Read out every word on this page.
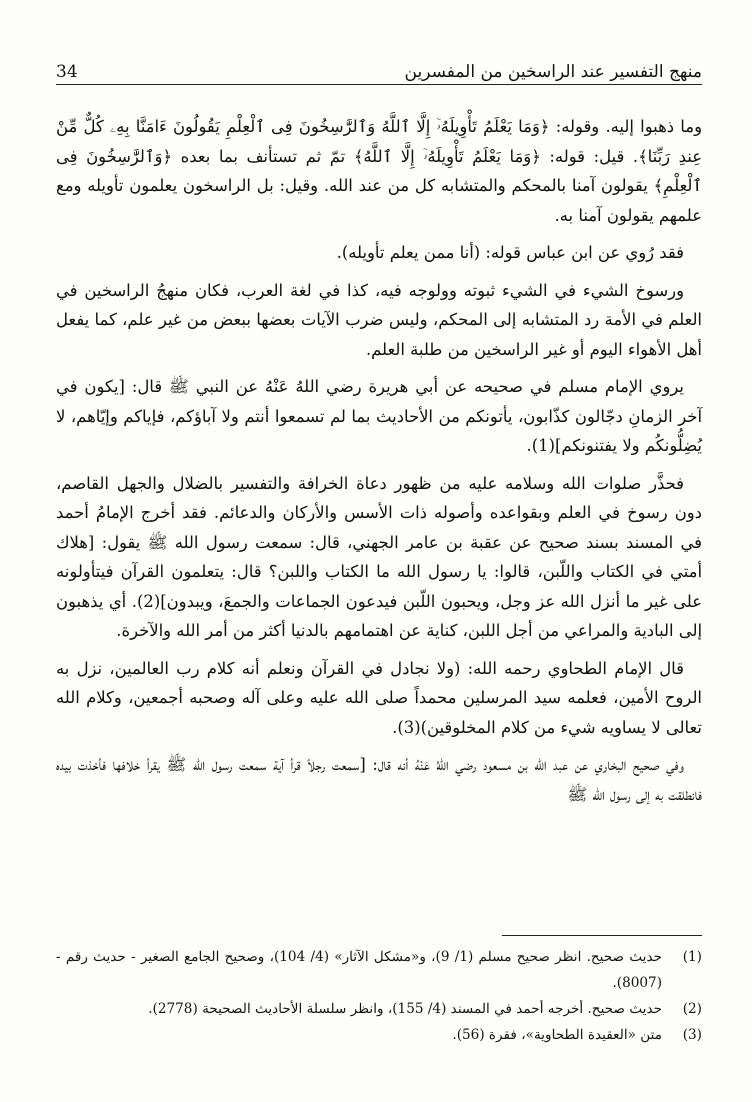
34	منهج التفسير عند الراسخين من المفسرين

وما ذهبوا إليه. وقوله: ﴿وَمَا يَعْلَمُ تَأْوِيلَهُۥٓ إِلَّا ٱللَّهُ وَٱلرَّٰسِخُونَ فِى ٱلْعِلْمِ يَقُولُونَ ءَامَنَّا بِهِۦ كُلٌّ مِّنْ عِندِ رَبِّنَا﴾. قيل: قوله: ﴿وَمَا يَعْلَمُ تَأْوِيلَهُۥٓ إِلَّا ٱللَّهُ﴾ تمّ ثم تستأنف بما بعده ﴿وَٱلرَّٰسِخُونَ فِى ٱلْعِلْمِ﴾ يقولون آمنا بالمحكم والمتشابه كل من عند الله. وقيل: بل الراسخون يعلمون تأويله ومع علمهم يقولون آمنا به.

فقد رُوي عن ابن عباس قوله: (أنا ممن يعلم تأويله).

ورسوخ الشيء في الشيء ثبوته وولوجه فيه، كذا في لغة العرب، فكان منهجُ الراسخين في العلم في الأمة رد المتشابه إلى المحكم، وليس ضرب الآيات بعضها ببعض من غير علم، كما يفعل أهل الأهواء اليوم أو غير الراسخين من طلبة العلم.

يروي الإمام مسلم في صحيحه عن أبي هريرة رضي اللهُ عَنْهُ عن النبي ﷺ قال: [يكون في آخر الزمانِ دجّالون كذّابون، يأتونكم من الأحاديث بما لم تسمعوا أنتم ولا آباؤكم، فإياكم وإيّاهم، لا يُضِلُّونكُم ولا يفتنونكم](1).

فحذَّر صلوات الله وسلامه عليه من ظهور دعاة الخرافة والتفسير بالضلال والجهل القاصم، دون رسوخ في العلم وبقواعده وأصوله ذات الأسس والأركان والدعائم. فقد أخرج الإمامُ أحمد في المسند بسند صحيح عن عقبة بن عامر الجهني، قال: سمعت رسول الله ﷺ يقول: [هلاك أمتي في الكتاب واللّبن، قالوا: يا رسول الله ما الكتاب واللبن؟ قال: يتعلمون القرآن فيتأولونه على غير ما أنزل الله عز وجل، ويحبون اللّبن فيدعون الجماعات والجمعَ، ويبدون](2). أي يذهبون إلى البادية والمراعي من أجل اللبن، كناية عن اهتمامهم بالدنيا أكثر من أمر الله والآخرة.

قال الإمام الطحاوي رحمه الله: (ولا نجادل في القرآن ونعلم أنه كلام رب العالمين، نزل به الروح الأمين، فعلمه سيد المرسلين محمداً صلى الله عليه وعلى آله وصحبه أجمعين، وكلام الله تعالى لا يساويه شيء من كلام المخلوقين)(3).

وفي صحيح البخاري عن عبد الله بن مسعود رضي اللهُ عَنْهُ أنه قال: [سمعت رجلاً قرأ آية سمعت رسول الله ﷺ يقرأ خلافها فأخذت بيده فانطلقت به إلى رسول الله ﷺ

(1)
حديث صحيح. انظر صحيح مسلم (1/ 9)، و«مشكل الآثار» (4/ 104)، وصحيح الجامع الصغير - حديث رقم - (8007).
(2)
حديث صحيح. أخرجه أحمد في المسند (4/ 155)، وانظر سلسلة الأحاديث الصحيحة (2778).
(3)
متن «العقيدة الطحاوية»، فقرة (56).
